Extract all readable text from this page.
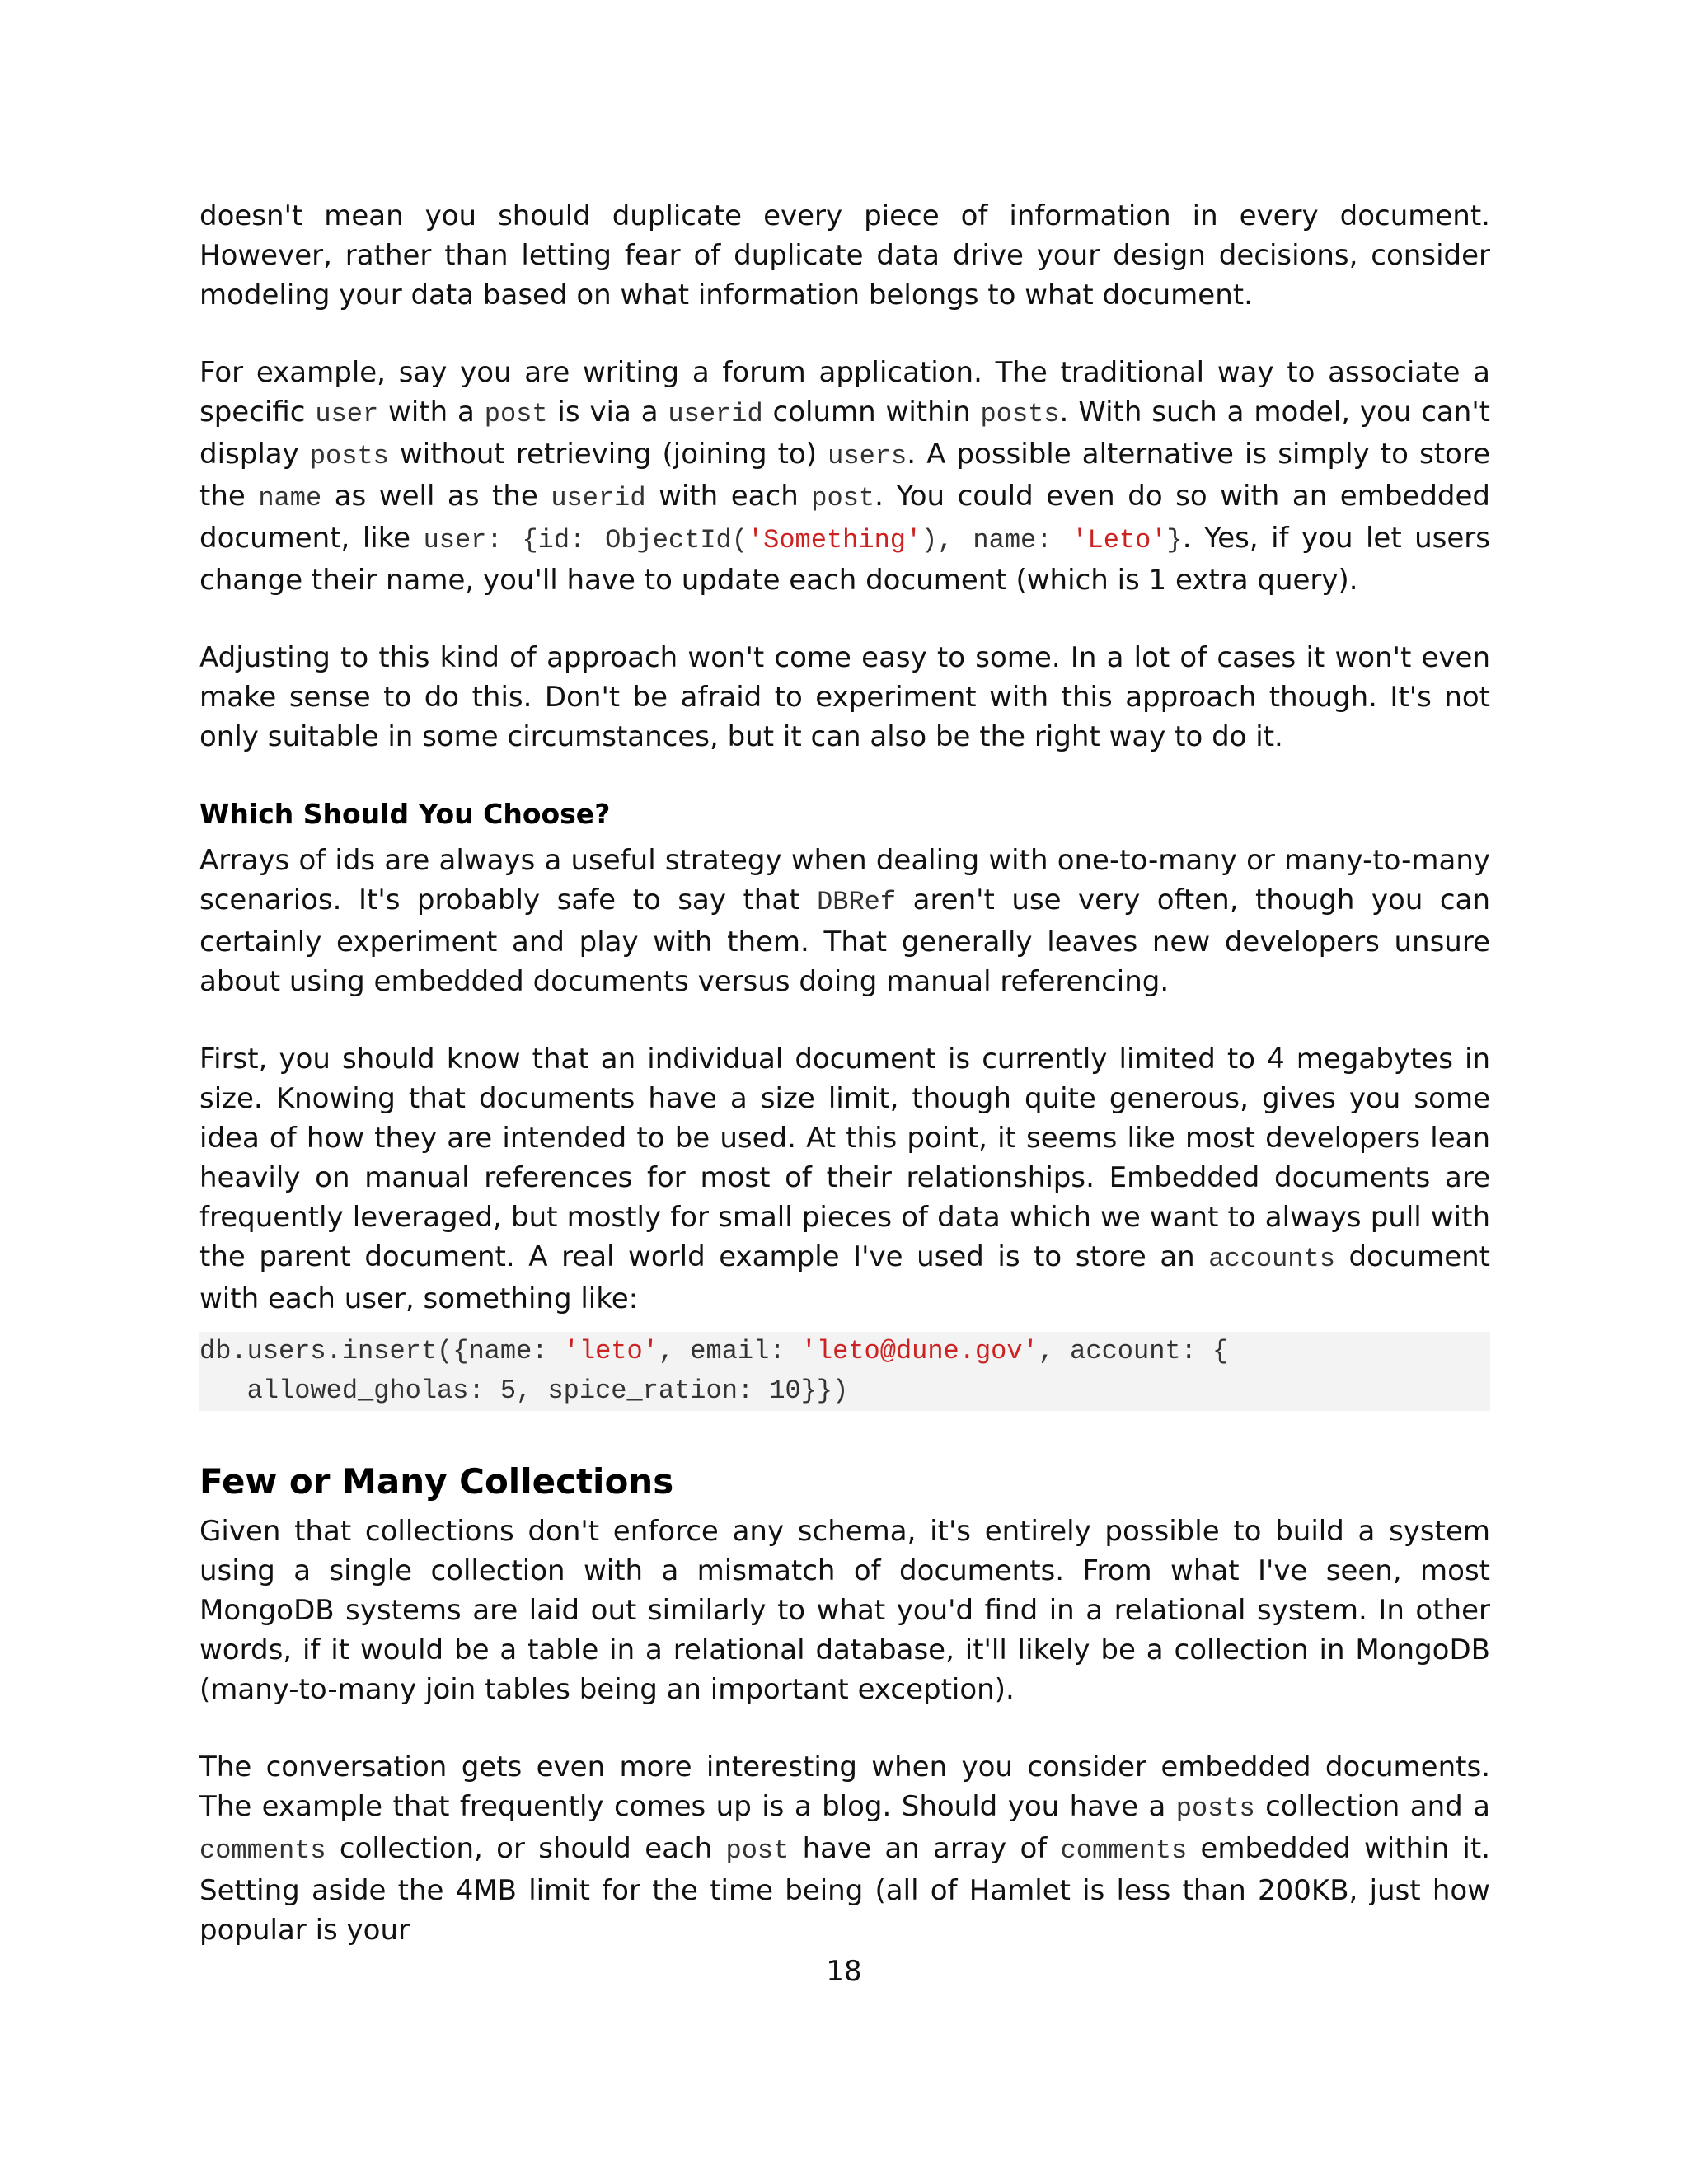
doesn't mean you should duplicate every piece of information in every document. However, rather than letting fear of duplicate data drive your design decisions, consider modeling your data based on what information belongs to what document.

For example, say you are writing a forum application. The traditional way to associate a specific user with a post is via a userid column within posts. With such a model, you can't display posts without retrieving (joining to) users. A possible alternative is simply to store the name as well as the userid with each post. You could even do so with an embedded document, like user: {id: ObjectId('Something'), name: 'Leto'}. Yes, if you let users change their name, you'll have to update each document (which is 1 extra query).

Adjusting to this kind of approach won't come easy to some. In a lot of cases it won't even make sense to do this. Don't be afraid to experiment with this approach though. It's not only suitable in some circumstances, but it can also be the right way to do it.

Which Should You Choose?

Arrays of ids are always a useful strategy when dealing with one-to-many or many-to-many scenarios. It's probably safe to say that DBRef aren't use very often, though you can certainly experiment and play with them. That generally leaves new developers unsure about using embedded documents versus doing manual referencing.

First, you should know that an individual document is currently limited to 4 megabytes in size. Knowing that documents have a size limit, though quite generous, gives you some idea of how they are intended to be used. At this point, it seems like most developers lean heavily on manual references for most of their relationships. Embedded documents are frequently leveraged, but mostly for small pieces of data which we want to always pull with the parent document. A real world example I've used is to store an accounts document with each user, something like:

db.users.insert({name: 'leto', email: 'leto@dune.gov', account: {
allowed_gholas: 5, spice_ration: 10}})
Few or Many Collections

Given that collections don't enforce any schema, it's entirely possible to build a system using a single collection with a mismatch of documents. From what I've seen, most MongoDB systems are laid out similarly to what you'd find in a relational system. In other words, if it would be a table in a relational database, it'll likely be a collection in MongoDB (many-to-many join tables being an important exception).

The conversation gets even more interesting when you consider embedded documents. The example that frequently comes up is a blog. Should you have a posts collection and a comments collection, or should each post have an array of comments embedded within it. Setting aside the 4MB limit for the time being (all of Hamlet is less than 200KB, just how popular is your

18
